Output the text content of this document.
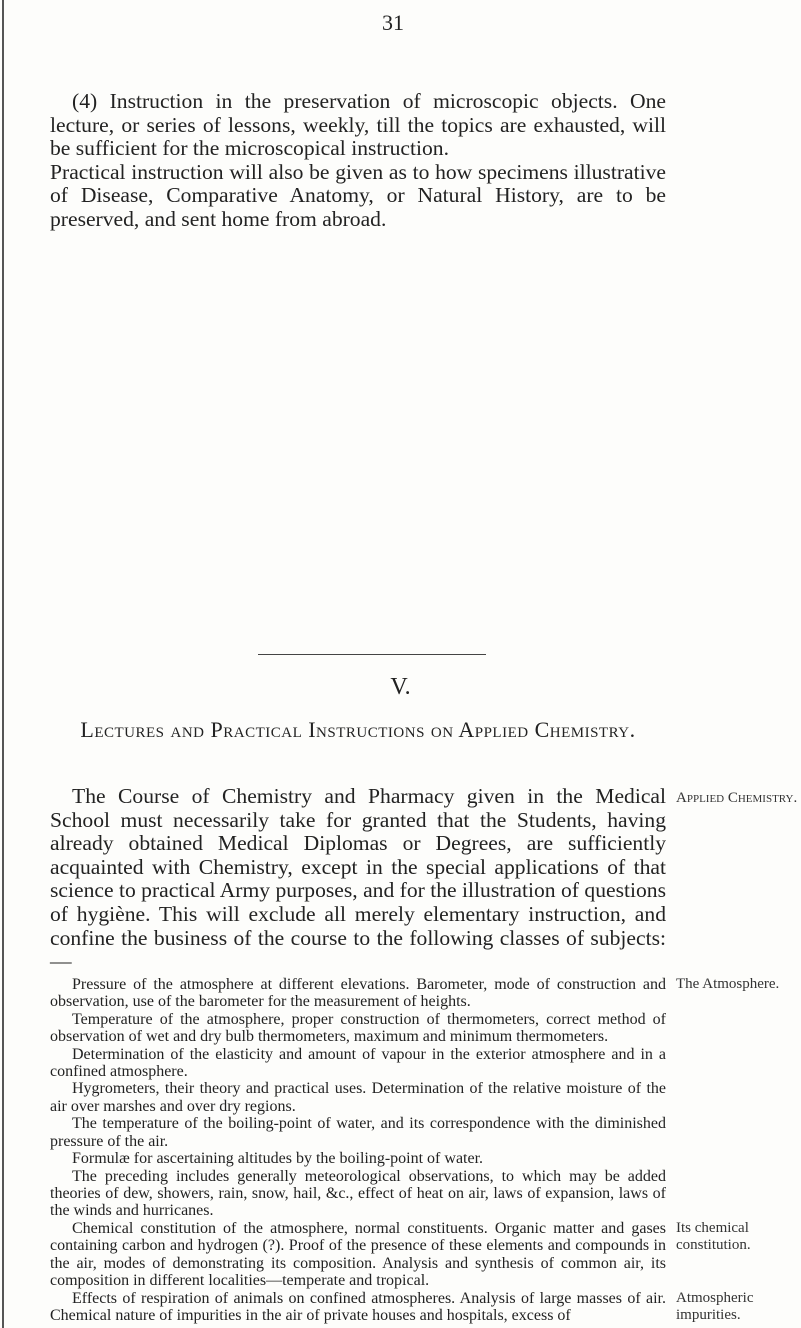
31

(4) Instruction in the preservation of microscopic objects. One lecture, or series of lessons, weekly, till the topics are exhausted, will be sufficient for the microscopical instruction.

Practical instruction will also be given as to how specimens illustrative of Disease, Comparative Anatomy, or Natural History, are to be preserved, and sent home from abroad.

V.
Lectures and Practical Instructions on Applied Chemistry.

The Course of Chemistry and Pharmacy given in the Medical School must necessarily take for granted that the Students, having already obtained Medical Diplomas or Degrees, are sufficiently acquainted with Chemistry, except in the special applications of that science to practical Army purposes, and for the illustration of questions of hygiène. This will exclude all merely elementary instruction, and confine the business of the course to the following classes of subjects:—

Applied Chemistry.
The Atmosphere.

Pressure of the atmosphere at different elevations. Barometer, mode of construction and observation, use of the barometer for the measurement of heights.

Temperature of the atmosphere, proper construction of thermometers, correct method of observation of wet and dry bulb thermometers, maximum and minimum thermometers.

Determination of the elasticity and amount of vapour in the exterior atmosphere and in a confined atmosphere.

Hygrometers, their theory and practical uses. Determination of the relative moisture of the air over marshes and over dry regions.

The temperature of the boiling-point of water, and its correspondence with the diminished pressure of the air.

Formulæ for ascertaining altitudes by the boiling-point of water.

The preceding includes generally meteorological observations, to which may be added theories of dew, showers, rain, snow, hail, &c., effect of heat on air, laws of expansion, laws of the winds and hurricanes.

Chemical constitution of the atmosphere, normal constituents. Organic matter and gases containing carbon and hydrogen (?). Proof of the presence of these elements and compounds in the air, modes of demonstrating its composition. Analysis and synthesis of common air, its composition in different localities—temperate and tropical.

Effects of respiration of animals on confined atmospheres. Analysis of large masses of air. Chemical nature of impurities in the air of private houses and hospitals, excess of

Its chemical constitution.
Atmospheric impurities.
